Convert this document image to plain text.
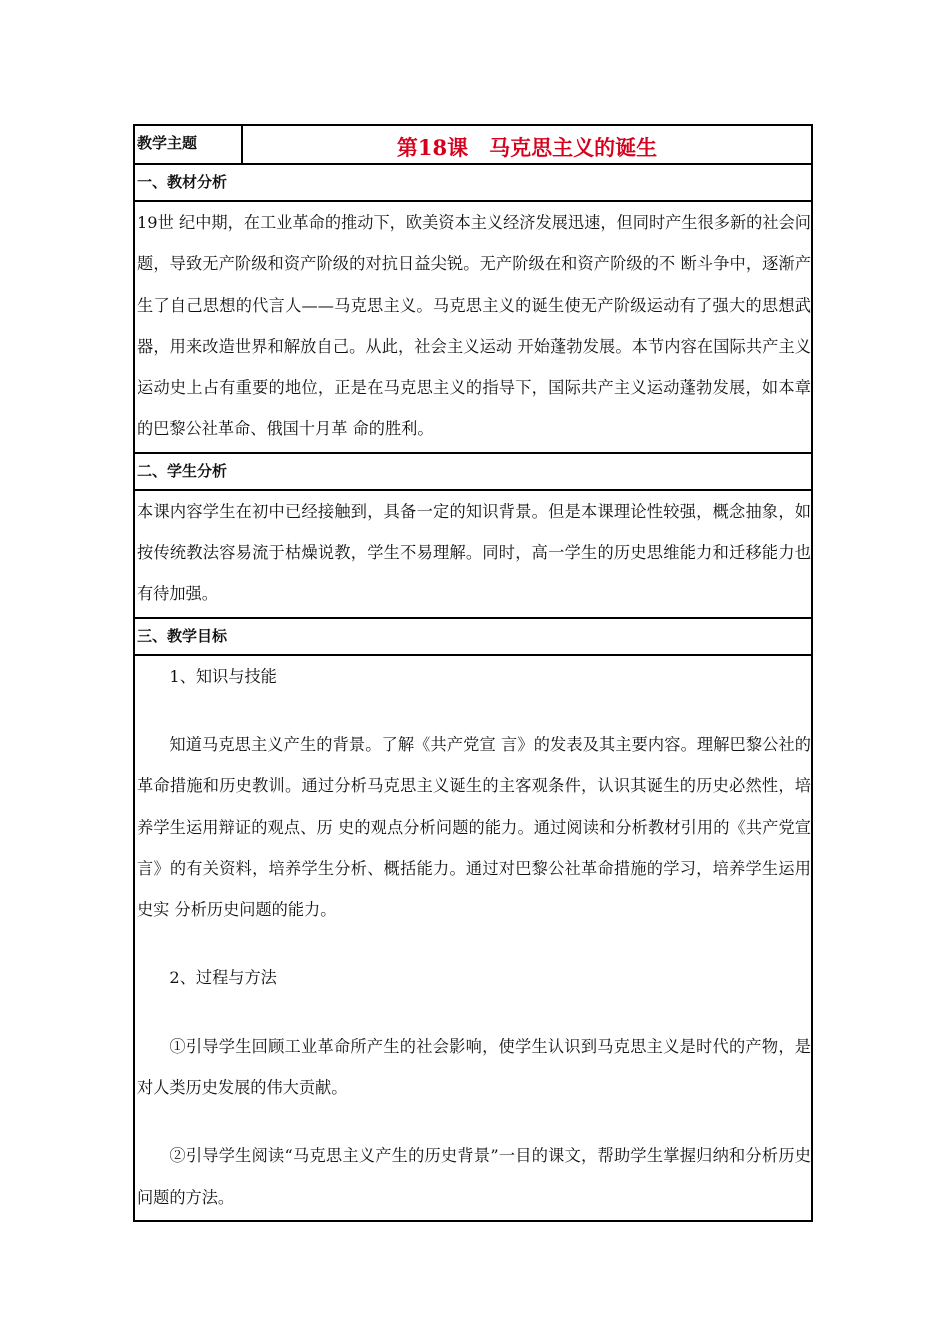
教学主题	第18课　马克思主义的诞生
一、教材分析

19世 纪中期，在工业革命的推动下，欧美资本主义经济发展迅速，但同时产生很多新的社会问题，导致无产阶级和资产阶级的对抗日益尖锐。无产阶级在和资产阶级的不 断斗争中，逐渐产生了自己思想的代言人——马克思主义。马克思主义的诞生使无产阶级运动有了强大的思想武器，用来改造世界和解放自己。从此，社会主义运动 开始蓬勃发展。本节内容在国际共产主义运动史上占有重要的地位，正是在马克思主义的指导下，国际共产主义运动蓬勃发展，如本章的巴黎公社革命、俄国十月革 命的胜利。

二、学生分析

本课内容学生在初中已经接触到，具备一定的知识背景。但是本课理论性较强，概念抽象，如按传统教法容易流于枯燥说教，学生不易理解。同时，高一学生的历史思维能力和迁移能力也有待加强。

三、教学目标

1、知识与技能

知道马克思主义产生的背景。了解《共产党宣 言》的发表及其主要内容。理解巴黎公社的革命措施和历史教训。通过分析马克思主义诞生的主客观条件，认识其诞生的历史必然性，培养学生运用辩证的观点、历 史的观点分析问题的能力。通过阅读和分析教材引用的《共产党宣言》的有关资料，培养学生分析、概括能力。通过对巴黎公社革命措施的学习，培养学生运用史实 分析历史问题的能力。

2、过程与方法

①引导学生回顾工业革命所产生的社会影响，使学生认识到马克思主义是时代的产物，是对人类历史发展的伟大贡献。

②引导学生阅读“马克思主义产生的历史背景”一目的课文，帮助学生掌握归纳和分析历史问题的方法。
